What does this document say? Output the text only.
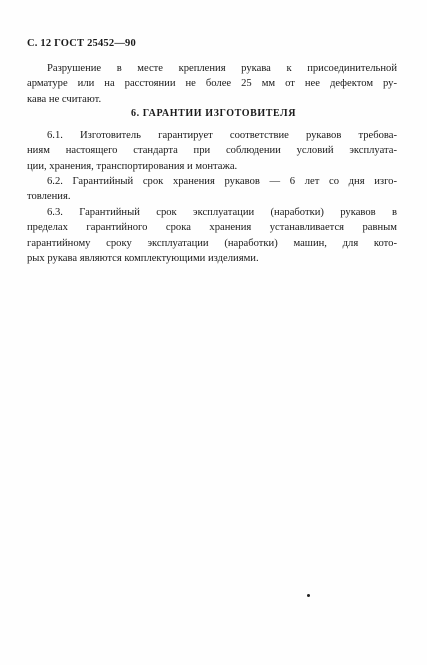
С. 12 ГОСТ 25452—90
Разрушение в месте крепления рукава к присоединительной
арматуре или на расстоянии не более 25 мм от нее дефектом ру-
кава не считают.
6. ГАРАНТИИ ИЗГОТОВИТЕЛЯ
6.1. Изготовитель гарантирует соответствие рукавов требова-
ниям настоящего стандарта при соблюдении условий эксплуата-
ции, хранения, транспортирования и монтажа.
6.2. Гарантийный срок хранения рукавов — 6 лет со дня изго-
товления.
6.3. Гарантийный срок эксплуатации (наработки) рукавов в
пределах гарантийного срока хранения устанавливается равным
гарантийному сроку эксплуатации (наработки) машин, для кото-
рых рукава являются комплектующими изделиями.
